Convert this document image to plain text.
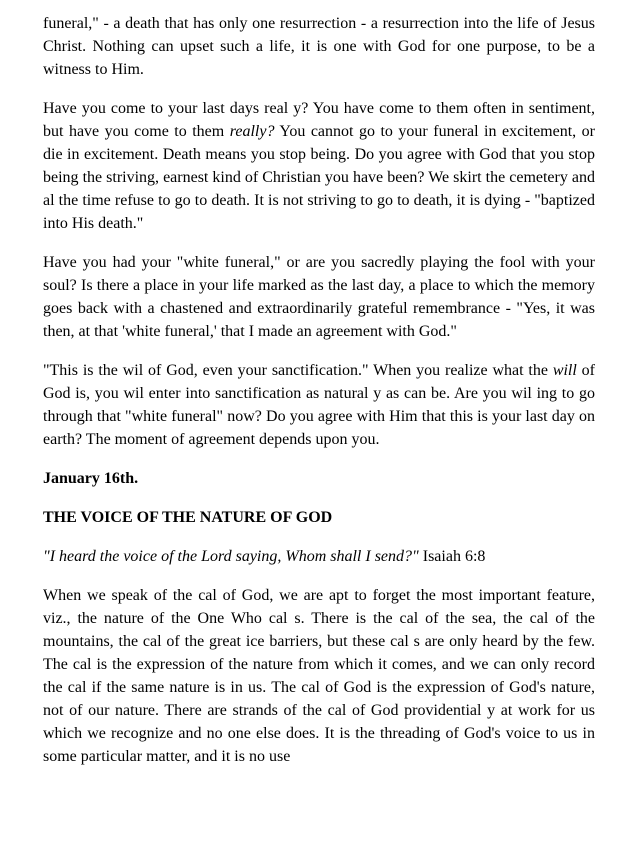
funeral," - a death that has only one resurrection - a resurrection into the life of Jesus Christ. Nothing can upset such a life, it is one with God for one purpose, to be a witness to Him.

Have you come to your last days real y? You have come to them often in sentiment, but have you come to them really? You cannot go to your funeral in excitement, or die in excitement. Death means you stop being. Do you agree with God that you stop being the striving, earnest kind of Christian you have been? We skirt the cemetery and al the time refuse to go to death. It is not striving to go to death, it is dying - "baptized into His death."

Have you had your "white funeral," or are you sacredly playing the fool with your soul? Is there a place in your life marked as the last day, a place to which the memory goes back with a chastened and extraordinarily grateful remembrance - "Yes, it was then, at that 'white funeral,' that I made an agreement with God."

"This is the wil of God, even your sanctification." When you realize what the will of God is, you wil enter into sanctification as natural y as can be. Are you wil ing to go through that "white funeral" now? Do you agree with Him that this is your last day on earth? The moment of agreement depends upon you.

January 16th.

THE VOICE OF THE NATURE OF GOD

"I heard the voice of the Lord saying, Whom shall I send?" Isaiah 6:8

When we speak of the cal of God, we are apt to forget the most important feature, viz., the nature of the One Who cal s. There is the cal of the sea, the cal of the mountains, the cal of the great ice barriers, but these cal s are only heard by the few. The cal is the expression of the nature from which it comes, and we can only record the cal if the same nature is in us. The cal of God is the expression of God's nature, not of our nature. There are strands of the cal of God providential y at work for us which we recognize and no one else does. It is the threading of God's voice to us in some particular matter, and it is no use
